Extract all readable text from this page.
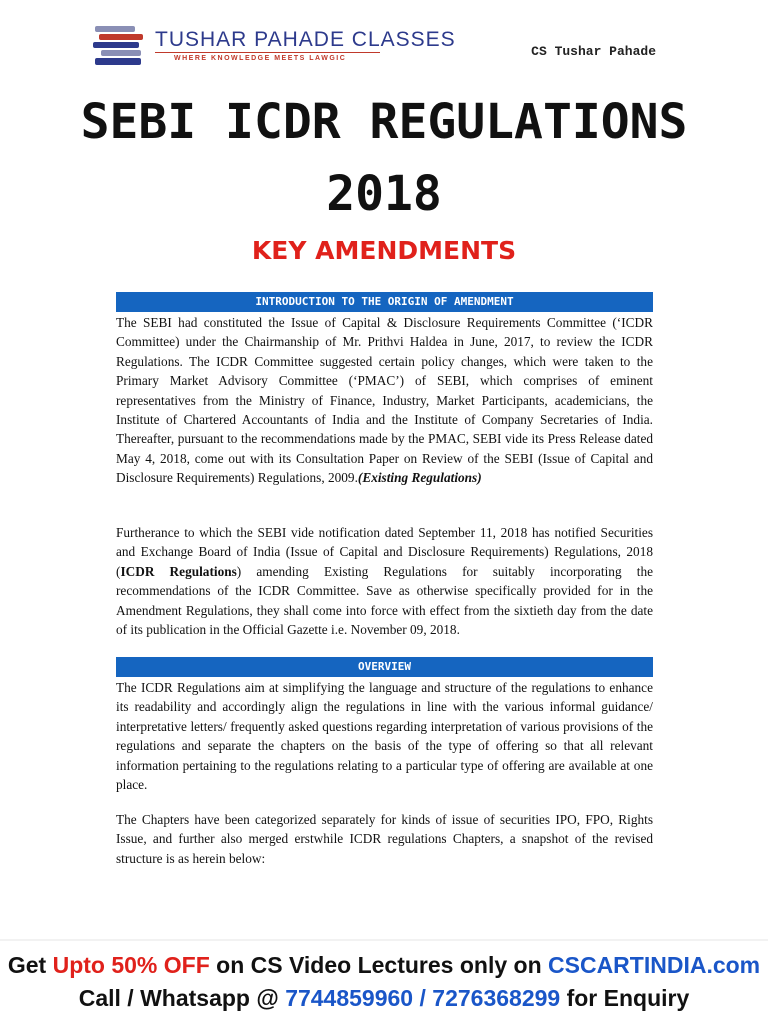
TUSHAR PAHADE CLASSES
WHERE KNOWLEDGE MEETS LAWGIC	CS Tushar Pahade
SEBI ICDR REGULATIONS
2018
KEY AMENDMENTS
INTRODUCTION TO THE ORIGIN OF AMENDMENT
The SEBI had constituted the Issue of Capital & Disclosure Requirements Committee (‘ICDR Committee) under the Chairmanship of Mr. Prithvi Haldea in June, 2017, to review the ICDR Regulations. The ICDR Committee suggested certain policy changes, which were taken to the Primary Market Advisory Committee (‘PMAC’) of SEBI, which comprises of eminent representatives from the Ministry of Finance, Industry, Market Participants, academicians, the Institute of Chartered Accountants of India and the Institute of Company Secretaries of India. Thereafter, pursuant to the recommendations made by the PMAC, SEBI vide its Press Release dated May 4, 2018, come out with its Consultation Paper on Review of the SEBI (Issue of Capital and Disclosure Requirements) Regulations, 2009.(Existing Regulations)
Furtherance to which the SEBI vide notification dated September 11, 2018 has notified Securities and Exchange Board of India (Issue of Capital and Disclosure Requirements) Regulations, 2018 (ICDR Regulations) amending Existing Regulations for suitably incorporating the recommendations of the ICDR Committee. Save as otherwise specifically provided for in the Amendment Regulations, they shall come into force with effect from the sixtieth day from the date of its publication in the Official Gazette i.e. November 09, 2018.
OVERVIEW
The ICDR Regulations aim at simplifying the language and structure of the regulations to enhance its readability and accordingly align the regulations in line with the various informal guidance/ interpretative letters/ frequently asked questions regarding interpretation of various provisions of the regulations and separate the chapters on the basis of the type of offering so that all relevant information pertaining to the regulations relating to a particular type of offering are available at one place.
The Chapters have been categorized separately for kinds of issue of securities IPO, FPO, Rights Issue, and further also merged erstwhile ICDR regulations Chapters, a snapshot of the revised structure is as herein below:
Get Upto 50% OFF on CS Video Lectures only on CSCARTINDIA.com
Call / Whatsapp @ 7744859960 / 7276368299 for Enquiry
